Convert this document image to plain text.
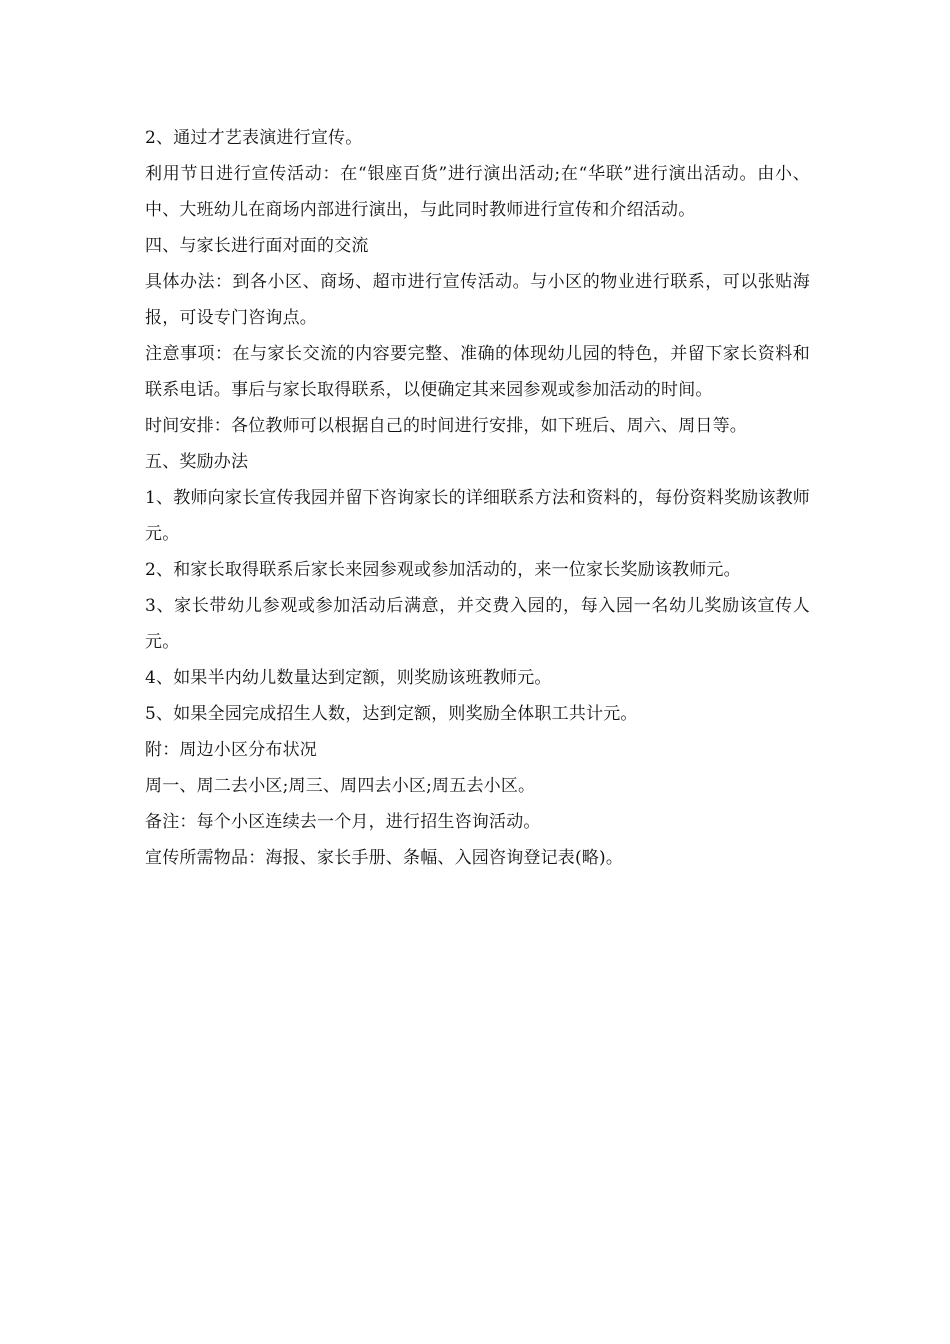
2、通过才艺表演进行宣传。

利用节日进行宣传活动：在“银座百货”进行演出活动;在“华联”进行演出活动。由小、中、大班幼儿在商场内部进行演出，与此同时教师进行宣传和介绍活动。

四、与家长进行面对面的交流

具体办法：到各小区、商场、超市进行宣传活动。与小区的物业进行联系，可以张贴海报，可设专门咨询点。

注意事项：在与家长交流的内容要完整、准确的体现幼儿园的特色，并留下家长资料和联系电话。事后与家长取得联系，以便确定其来园参观或参加活动的时间。

时间安排：各位教师可以根据自己的时间进行安排，如下班后、周六、周日等。

五、奖励办法

1、教师向家长宣传我园并留下咨询家长的详细联系方法和资料的，每份资料奖励该教师元。

2、和家长取得联系后家长来园参观或参加活动的，来一位家长奖励该教师元。

3、家长带幼儿参观或参加活动后满意，并交费入园的，每入园一名幼儿奖励该宣传人元。

4、如果半内幼儿数量达到定额，则奖励该班教师元。

5、如果全园完成招生人数，达到定额，则奖励全体职工共计元。

附：周边小区分布状况

周一、周二去小区;周三、周四去小区;周五去小区。

备注：每个小区连续去一个月，进行招生咨询活动。

宣传所需物品：海报、家长手册、条幅、入园咨询登记表(略)。
